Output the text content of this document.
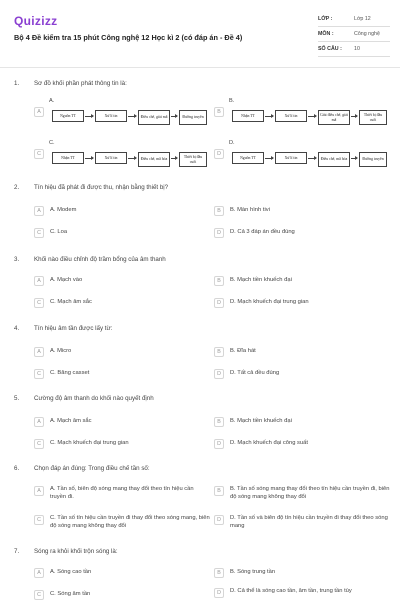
Quizizz
Bộ 4 Đề kiểm tra 15 phút Công nghệ 12 Học kì 2 (có đáp án - Đề 4)
LỚP :	Lớp 12
MÔN :	Công nghệ
SỐ CÂU :	10
1. Sơ đồ khối phần phát thông tin là:
A
A.
Nguồn TT	Xử lí tin	Điều chế, giải mã	Đường truyền
B
B.
Nhận TT	Xử lí tin	Giải điều chế, giải mã
Thiết bị đầu cuối
C
C.
Nhận TT	Xử lí tin	Điều chế, mã hóa
Thiết bị đầu cuối
D
D.
Nguồn TT	Xử lí tin	Điều chế, mã hóa	Đường truyền
2. Tín hiệu đã phát đi được thu, nhận bằng thiết bị?
A	A. Modem	B	B. Màn hình tivi
C	C. Loa	D	D. Cả 3 đáp án đều đúng
3. Khối nào điều chỉnh độ trầm bổng của âm thanh
A	A. Mạch vào	B	B. Mạch tiền khuếch đại
C	C. Mạch âm sắc	D	D. Mạch khuếch đại trung gian
4. Tín hiệu âm tần được lấy từ:
A	A. Micro	B	B. Đĩa hát
C	C. Băng casset	D	D. Tất cả đều đúng
5. Cường độ âm thanh do khối nào quyết định
A	A. Mạch âm sắc	B	B. Mạch tiền khuếch đại
C	C. Mạch khuếch đại trung gian	D	D. Mạch khuếch đại công suất
6. Chọn đáp án đúng: Trong điều chế tần số:
A	A. Tần số, biên độ sóng mang thay đổi theo tín hiệu cần truyền đi.
B	B. Tần số sóng mang thay đổi theo tín hiệu cần truyền đi, biên độ sóng mang không thay đổi
C	C. Tần số tín hiệu cần truyền đi thay đổi theo sóng mang, biên độ sóng mang không thay đổi
D	D. Tần số và biên độ tín hiệu cần truyền đi thay đổi theo sóng mang
7. Sóng ra khỏi khối trộn sóng là:
A	A. Sóng cao tần	B	B. Sóng trung tần
C	C. Sóng âm tần	D	D. Cả thể là sóng cao tần, âm tần, trung tần tùy
